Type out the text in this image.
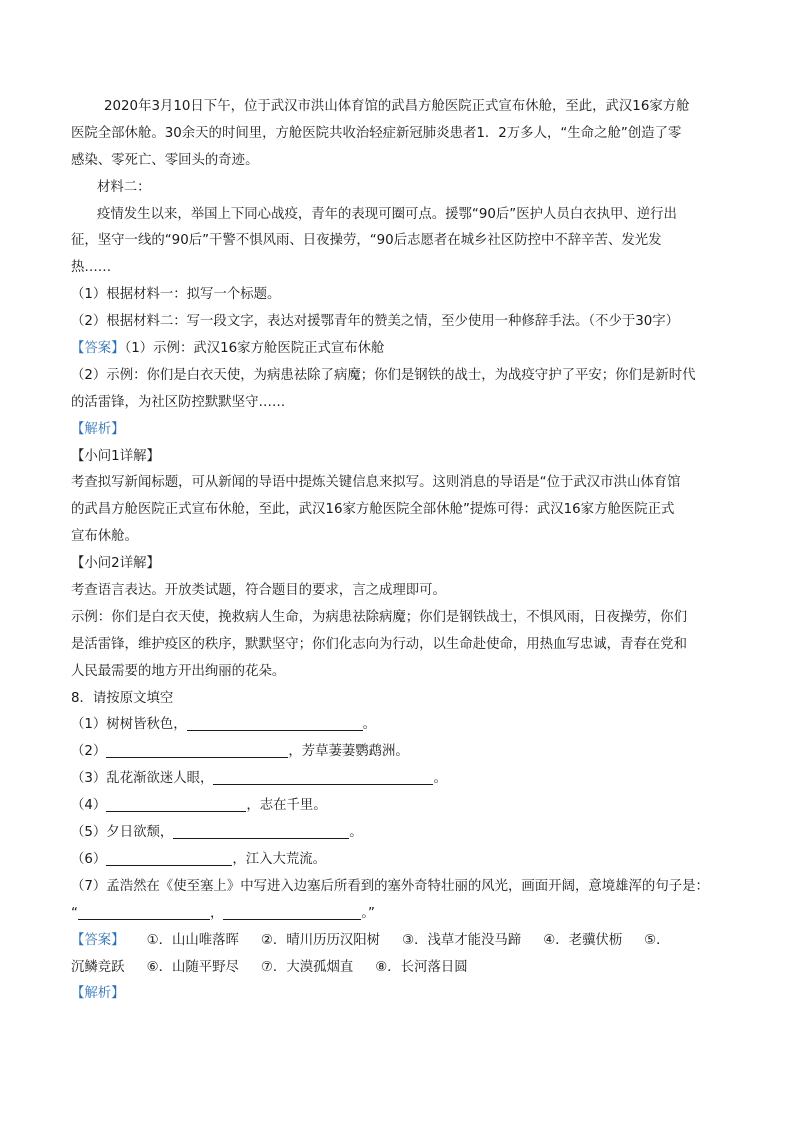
2020年3月10日下午，位于武汉市洪山体育馆的武昌方舱医院正式宣布休舱，至此，武汉16家方舱
医院全部休舱。30余天的时间里，方舱医院共收治轻症新冠肺炎患者1．2万多人，“生命之舱”创造了零
感染、零死亡、零回头的奇迹。
材料二：
疫情发生以来，举国上下同心战疫，青年的表现可圈可点。援鄂“90后”医护人员白衣执甲、逆行出
征，坚守一线的“90后”干警不惧风雨、日夜操劳，“90后志愿者在城乡社区防控中不辞辛苦、发光发
热……
（1）根据材料一：拟写一个标题。
（2）根据材料二：写一段文字，表达对援鄂青年的赞美之情，至少使用一种修辞手法。（不少于30字）
【答案】（1）示例：武汉16家方舱医院正式宣布休舱
（2）示例：你们是白衣天使，为病患祛除了病魔；你们是钢铁的战士，为战疫守护了平安；你们是新时代
的活雷锋，为社区防控默默坚守……
【解析】
【小问1详解】
考查拟写新闻标题，可从新闻的导语中提炼关键信息来拟写。这则消息的导语是“位于武汉市洪山体育馆
的武昌方舱医院正式宣布休舱，至此，武汉16家方舱医院全部休舱”提炼可得：武汉16家方舱医院正式
宣布休舱。
【小问2详解】
考查语言表达。开放类试题，符合题目的要求，言之成理即可。
示例：你们是白衣天使，挽救病人生命，为病患祛除病魔；你们是钢铁战士，不惧风雨，日夜操劳，你们
是活雷锋，维护疫区的秩序，默默坚守；你们化志向为行动，以生命赴使命，用热血写忠诚，青春在党和
人民最需要的地方开出绚丽的花朵。
8．请按原文填空
（1）树树皆秋色，	。
（2）	，芳草萋萋鹦鹉洲。
（3）乱花渐欲迷人眼，	。
（4）	，志在千里。
（5）夕日欲颓，	。
（6）	，江入大荒流。
（7）孟浩然在《使至塞上》中写进入边塞后所看到的塞外奇特壮丽的风光，画面开阔，意境雄浑的句子是：
“	，	。”
【答案】 ①．山山唯落晖 ②．晴川历历汉阳树 ③．浅草才能没马蹄 ④．老骥伏枥 ⑤．
沉鳞竞跃 ⑥．山随平野尽 ⑦．大漠孤烟直 ⑧．长河落日圆
【解析】
